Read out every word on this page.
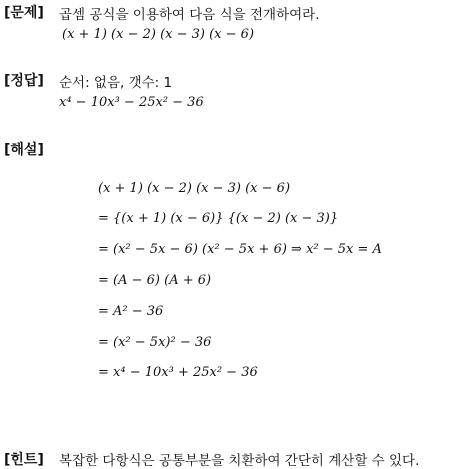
[문제] 곱셈 공식을 이용하여 다음 식을 전개하여라.
(x + 1) (x − 2) (x − 3) (x − 6)
[정답] 순서: 없음, 갯수: 1
x⁴ − 10x³ − 25x² − 36
[해설]
(x + 1) (x − 2) (x − 3) (x − 6)
= {(x + 1) (x − 6)} {(x − 2) (x − 3)}
= (x² − 5x − 6) (x² − 5x + 6) ⇒ x² − 5x = A
= (A − 6) (A + 6)
= A² − 36
= (x² − 5x)² − 36
= x⁴ − 10x³ + 25x² − 36
[힌트] 복잡한 다항식은 공통부분을 치환하여 간단히 계산할 수 있다.
